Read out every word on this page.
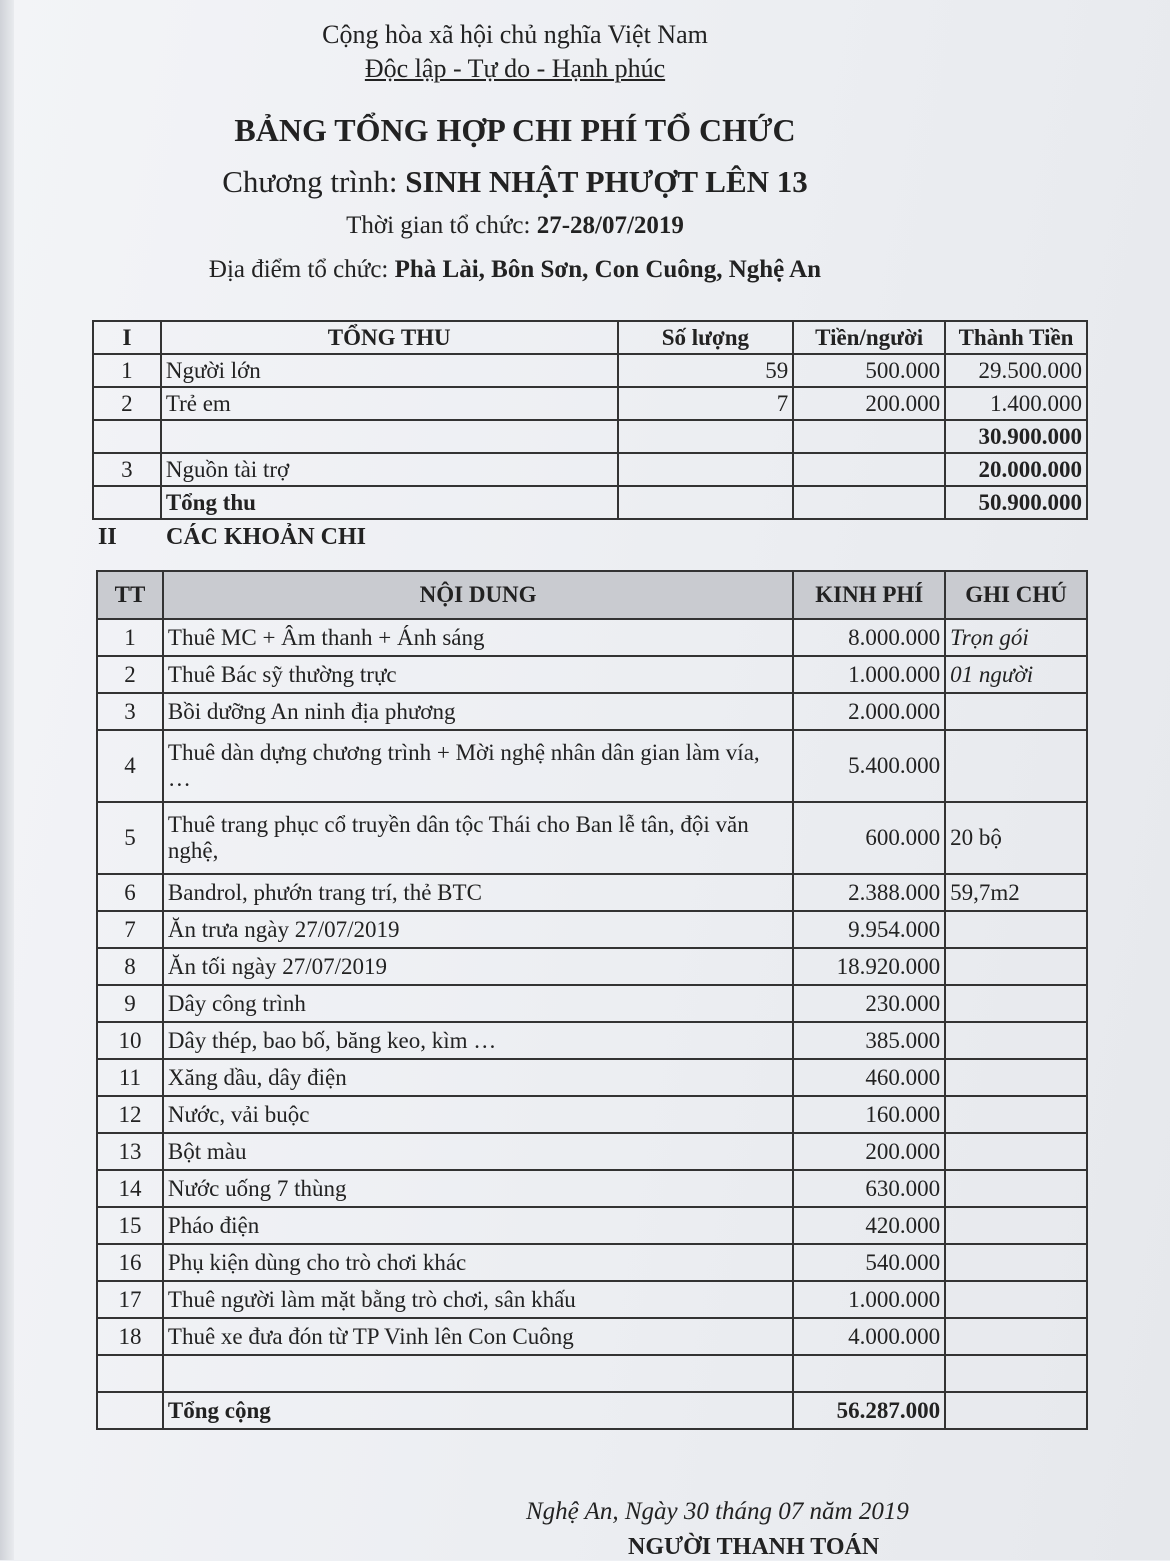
Cộng hòa xã hội chủ nghĩa Việt Nam
Độc lập - Tự do - Hạnh phúc
BẢNG TỔNG HỢP CHI PHÍ TỔ CHỨC
Chương trình: SINH NHẬT PHƯỢT LÊN 13
Thời gian tổ chức: 27-28/07/2019
Địa điểm tổ chức: Phà Lài, Bôn Sơn, Con Cuông, Nghệ An
I	TỔNG THU	Số lượng	Tiền/người	Thành Tiền
1	Người lớn	59	500.000	29.500.000
2	Trẻ em	7	200.000	1.400.000
				30.900.000
3	Nguồn tài trợ			20.000.000
	Tổng thu			50.900.000
II CÁC KHOẢN CHI
TT	NỘI DUNG	KINH PHÍ	GHI CHÚ
1	Thuê MC + Âm thanh + Ánh sáng	8.000.000	Trọn gói
2	Thuê Bác sỹ thường trực	1.000.000	01 người
3	Bồi dưỡng An ninh địa phương	2.000.000	
4	Thuê dàn dựng chương trình + Mời nghệ nhân dân gian làm vía, …	5.400.000	
5	Thuê trang phục cổ truyền dân tộc Thái cho Ban lễ tân, đội văn nghệ,	600.000	20 bộ
6	Bandrol, phướn trang trí, thẻ BTC	2.388.000	59,7m2
7	Ăn trưa ngày 27/07/2019	9.954.000	
8	Ăn tối ngày 27/07/2019	18.920.000	
9	Dây công trình	230.000	
10	Dây thép, bao bố, băng keo, kìm …	385.000	
11	Xăng dầu, dây điện	460.000	
12	Nước, vải buộc	160.000	
13	Bột màu	200.000	
14	Nước uống 7 thùng	630.000	
15	Pháo điện	420.000	
16	Phụ kiện dùng cho trò chơi khác	540.000	
17	Thuê người làm mặt bằng trò chơi, sân khấu	1.000.000	
18	Thuê xe đưa đón từ TP Vinh lên Con Cuông	4.000.000	

	Tổng cộng	56.287.000	
Nghệ An, Ngày 30 tháng 07 năm 2019
NGƯỜI THANH TOÁN
